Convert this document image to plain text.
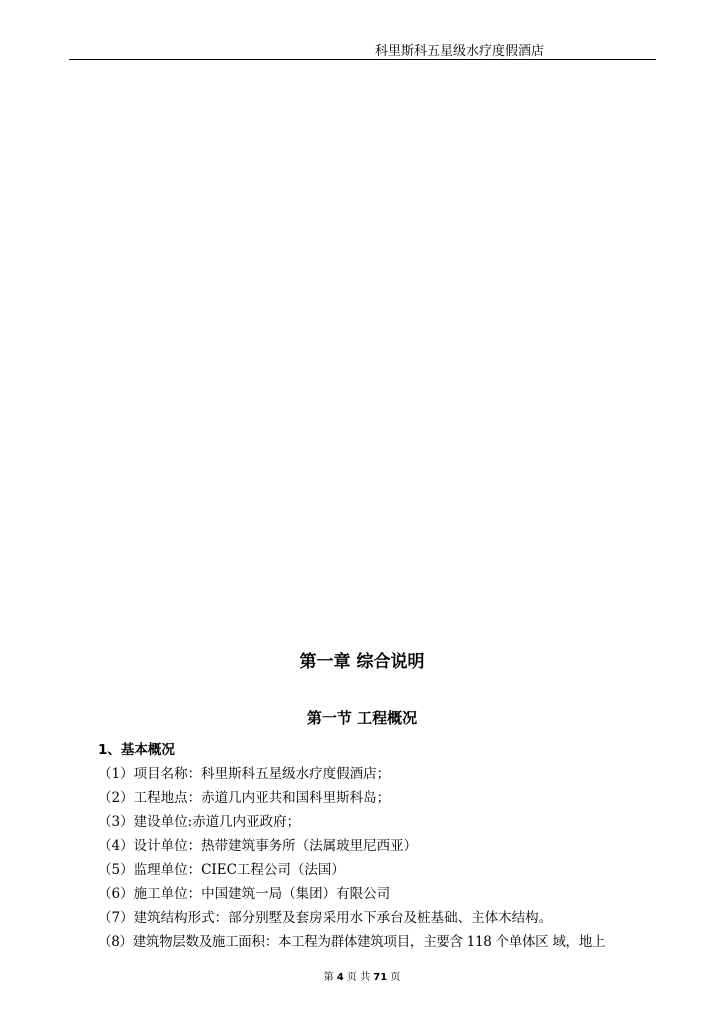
科里斯科五星级水疗度假酒店
第一章 综合说明
第一节 工程概况
1、基本概况
（1）项目名称：科里斯科五星级水疗度假酒店；
（2）工程地点：赤道几内亚共和国科里斯科岛；
（3）建设单位:赤道几内亚政府；
（4）设计单位：热带建筑事务所（法属玻里尼西亚）
（5）监理单位：CIEC工程公司（法国）
（6）施工单位：中国建筑一局（集团）有限公司
（7）建筑结构形式：部分别墅及套房采用水下承台及桩基础、主体木结构。
（8）建筑物层数及施工面积：本工程为群体建筑项目，主要含 118 个单体区 域，地上
第 4 页 共 71 页
